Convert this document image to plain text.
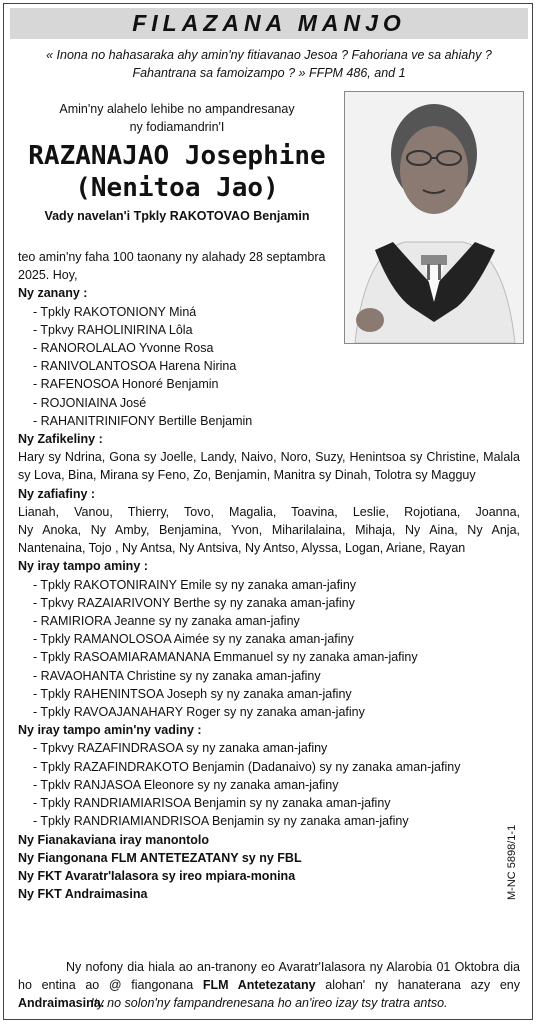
FILAZANA MANJO
« Inona no hahasaraka ahy amin'ny fitiavanao Jesoa ? Fahoriana ve sa ahiahy ?
Fahantrana sa famoizampo ? » FFPM 486, and 1
Amin'ny alahelo lehibe no ampandresanay
ny fodiamandrin'I
RAZANAJAO Josephine
(Nenitoa Jao)
Vady navelan'i Tpkly RAKOTOVAO Benjamin
teo amin'ny faha 100 taonany ny alahady 28 septambra
2025. Hoy,
Ny zanany :
- Tpkly RAKOTONIONY Miná
- Tpkvy RAHOLINIRINA Lôla
- RANOROLALAO Yvonne Rosa
- RANIVOLANTOSOA Harena Nirina
- RAFENOSOA Honoré Benjamin
- ROJONIAINA José
- RAHANITRINIFONY Bertille Benjamin
Ny Zafikeliny :
Hary sy Ndrina, Gona sy Joelle, Landy, Naivo, Noro, Suzy, Henintsoa sy Christine, Malala
sy Lova, Bina, Mirana sy Feno, Zo, Benjamin, Manitra sy Dinah, Tolotra sy Magguy
Ny zafiafiny :
Lianah, Vanou, Thierry, Tovo, Magalia, Toavina, Leslie, Rojotiana, Joanna,
Ny Anoka, Ny Amby, Benjamina, Yvon, Miharilalaina, Mihaja, Ny Aina, Ny Anja,
Nantenaina, Tojo , Ny Antsa, Ny Antsiva, Ny Antso, Alyssa, Logan, Ariane, Rayan
Ny iray tampo aminy :
- Tpkly RAKOTONIRAINY Emile sy ny zanaka aman-jafiny
- Tpkvy RAZAIARIVONY Berthe sy ny zanaka aman-jafiny
- RAMIRIORA Jeanne sy ny zanaka aman-jafiny
- Tpkly RAMANOLOSOA Aimée sy ny zanaka aman-jafiny
- Tpkly RASOAMIARAMANANA Emmanuel sy ny zanaka aman-jafiny
- RAVAOHANTA Christine sy ny zanaka aman-jafiny
- Tpkly RAHENINTSOA Joseph sy ny zanaka aman-jafiny
- Tpkly RAVOAJANAHARY Roger sy ny zanaka aman-jafiny
Ny iray tampo amin'ny vadiny :
- Tpkvy RAZAFINDRASOA sy ny zanaka aman-jafiny
- Tpkly RAZAFINDRAKOTO Benjamin (Dadanaivo) sy ny zanaka aman-jafiny
- Tpklv RANJASOA Eleonore sy ny zanaka aman-jafiny
- Tpkly RANDRIAMIARISOA Benjamin sy ny zanaka aman-jafiny
- Tpkly RANDRIAMIANDRISOA Benjamin sy ny zanaka aman-jafiny
Ny Fianakaviana iray manontolo
Ny Fiangonana FLM ANTETEZATANY sy ny FBL
Ny FKT Avaratr'Ialasora sy ireo mpiara-monina
Ny FKT Andraimasina
Ny nofony dia hiala ao an-tranony eo Avaratr'Ialasora ny Alarobia 01 Oktobra dia ho entina ao @ fiangonana FLM Antetezatany alohan' ny hanaterana azy eny Andraimasina.
Ity no solon'ny fampandrenesana ho an'ireo izay tsy tratra antso.
M-NC 5898/1-1
